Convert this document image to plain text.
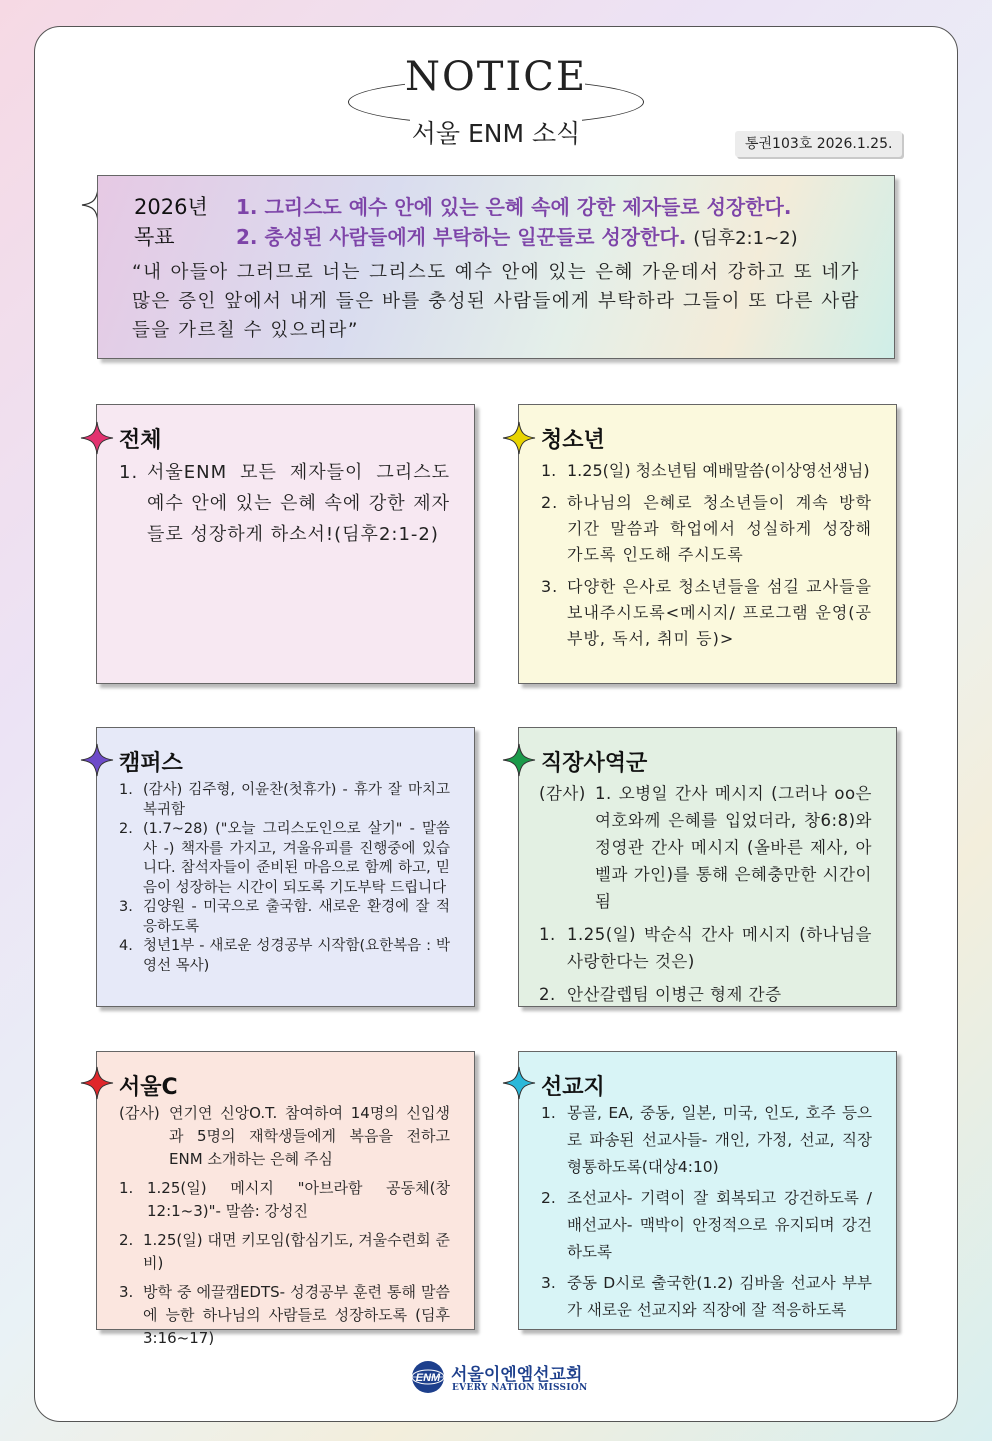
NOTICE
서울 ENM 소식	통권103호 2026.1.25.
2026년
목표
1. 그리스도 예수 안에 있는 은혜 속에 강한 제자들로 성장한다.
2. 충성된 사람들에게 부탁하는 일꾼들로 성장한다. (딤후2:1~2)
“내 아들아 그러므로 너는 그리스도 예수 안에 있는 은혜 가운데서 강하고 또 네가 많은 증인 앞에서 내게 들은 바를 충성된 사람들에게 부탁하라 그들이 또 다른 사람들을 가르칠 수 있으리라”
전체
1. 서울ENM 모든 제자들이 그리스도 예수 안에 있는 은혜 속에 강한 제자들로 성장하게 하소서!(딤후2:1-2)
청소년
1. 1.25(일) 청소년팀 예배말씀(이상영선생님)
2. 하나님의 은혜로 청소년들이 계속 방학 기간 말씀과 학업에서 성실하게 성장해 가도록 인도해 주시도록
3. 다양한 은사로 청소년들을 섬길 교사들을 보내주시도록<메시지/ 프로그램 운영(공부방, 독서, 취미 등)>
캠퍼스
1. (감사) 김주형, 이윤찬(첫휴가) - 휴가 잘 마치고 복귀함
2. (1.7~28) ("오늘 그리스도인으로 살기" - 말씀사 -) 책자를 가지고, 겨울유피를 진행중에 있습니다. 참석자들이 준비된 마음으로 함께 하고, 믿음이 성장하는 시간이 되도록 기도부탁 드립니다
3. 김양원 - 미국으로 출국함. 새로운 환경에 잘 적응하도록
4. 청년1부 - 새로운 성경공부 시작함(요한복음 : 박영선 목사)
직장사역군
(감사) 1. 오병일 간사 메시지 (그러나 oo은 여호와께 은혜를 입었더라, 창6:8)와 정영관 간사 메시지 (올바른 제사, 아벨과 가인)를 통해 은혜충만한 시간이 됨
1. 1.25(일) 박순식 간사 메시지 (하나님을 사랑한다는 것은)
2. 안산갈렙팀 이병근 형제 간증
서울C
(감사) 연기연 신앙O.T. 참여하여 14명의 신입생과 5명의 재학생들에게 복음을 전하고 ENM 소개하는 은혜 주심
1. 1.25(일) 메시지 "아브라함 공동체(창12:1~3)"- 말씀: 강성진
2. 1.25(일) 대면 키모임(합심기도, 겨울수련회 준비)
3. 방학 중 에끌캠EDTS- 성경공부 훈련 통해 말씀에 능한 하나님의 사람들로 성장하도록 (딤후3:16~17)
선교지
1. 몽골, EA, 중동, 일본, 미국, 인도, 호주 등으로 파송된 선교사들- 개인, 가정, 선교, 직장 형통하도록(대상4:10)
2. 조선교사- 기력이 잘 회복되고 강건하도록 / 배선교사- 맥박이 안정적으로 유지되며 강건하도록
3. 중동 D시로 출국한(1.2) 김바울 선교사 부부가 새로운 선교지와 직장에 잘 적응하도록
ENM 서울이엔엠선교회
EVERY NATION MISSION
